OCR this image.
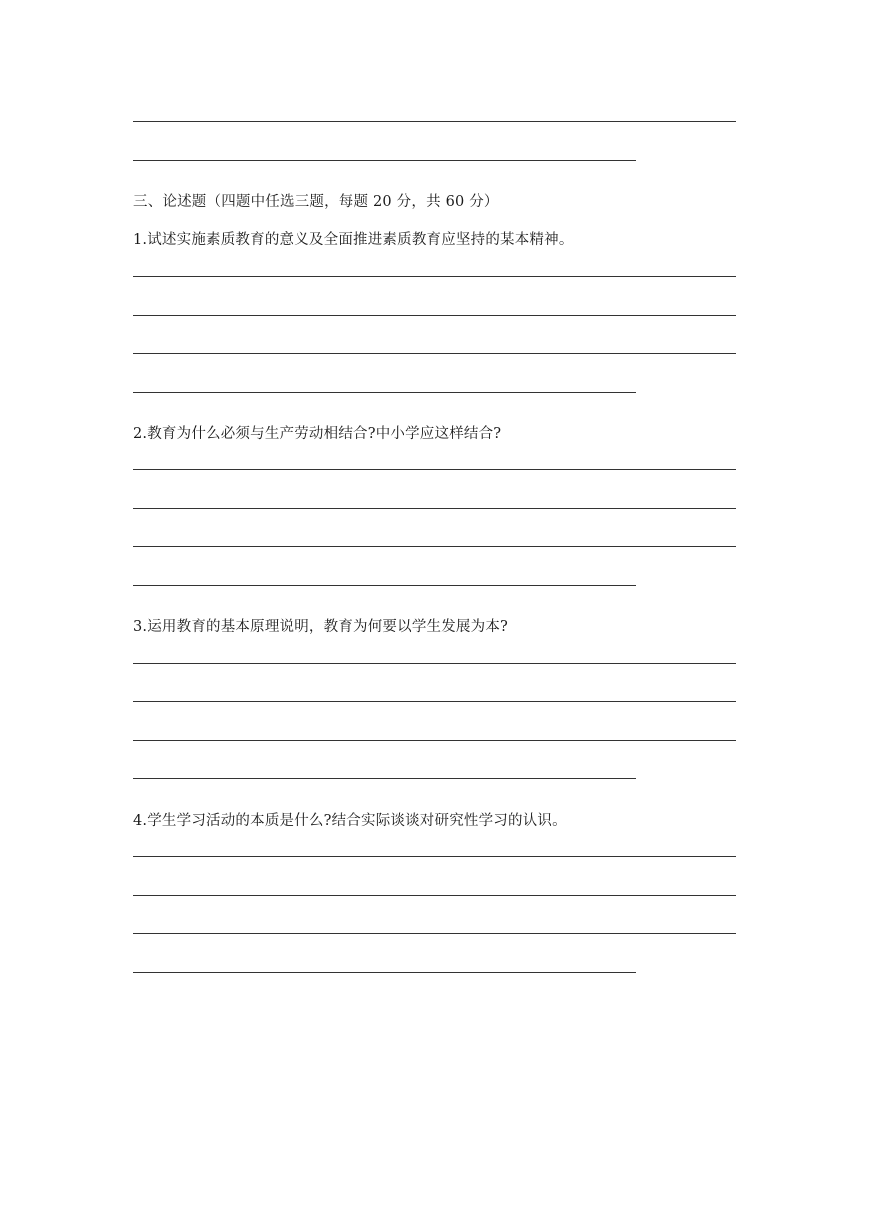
三、论述题（四题中任选三题，每题 20 分，共 60 分）
1.试述实施素质教育的意义及全面推进素质教育应坚持的某本精神。
2.教育为什么必须与生产劳动相结合?中小学应这样结合?
3.运用教育的基本原理说明，教育为何要以学生发展为本?
4.学生学习活动的本质是什么?结合实际谈谈对研究性学习的认识。
